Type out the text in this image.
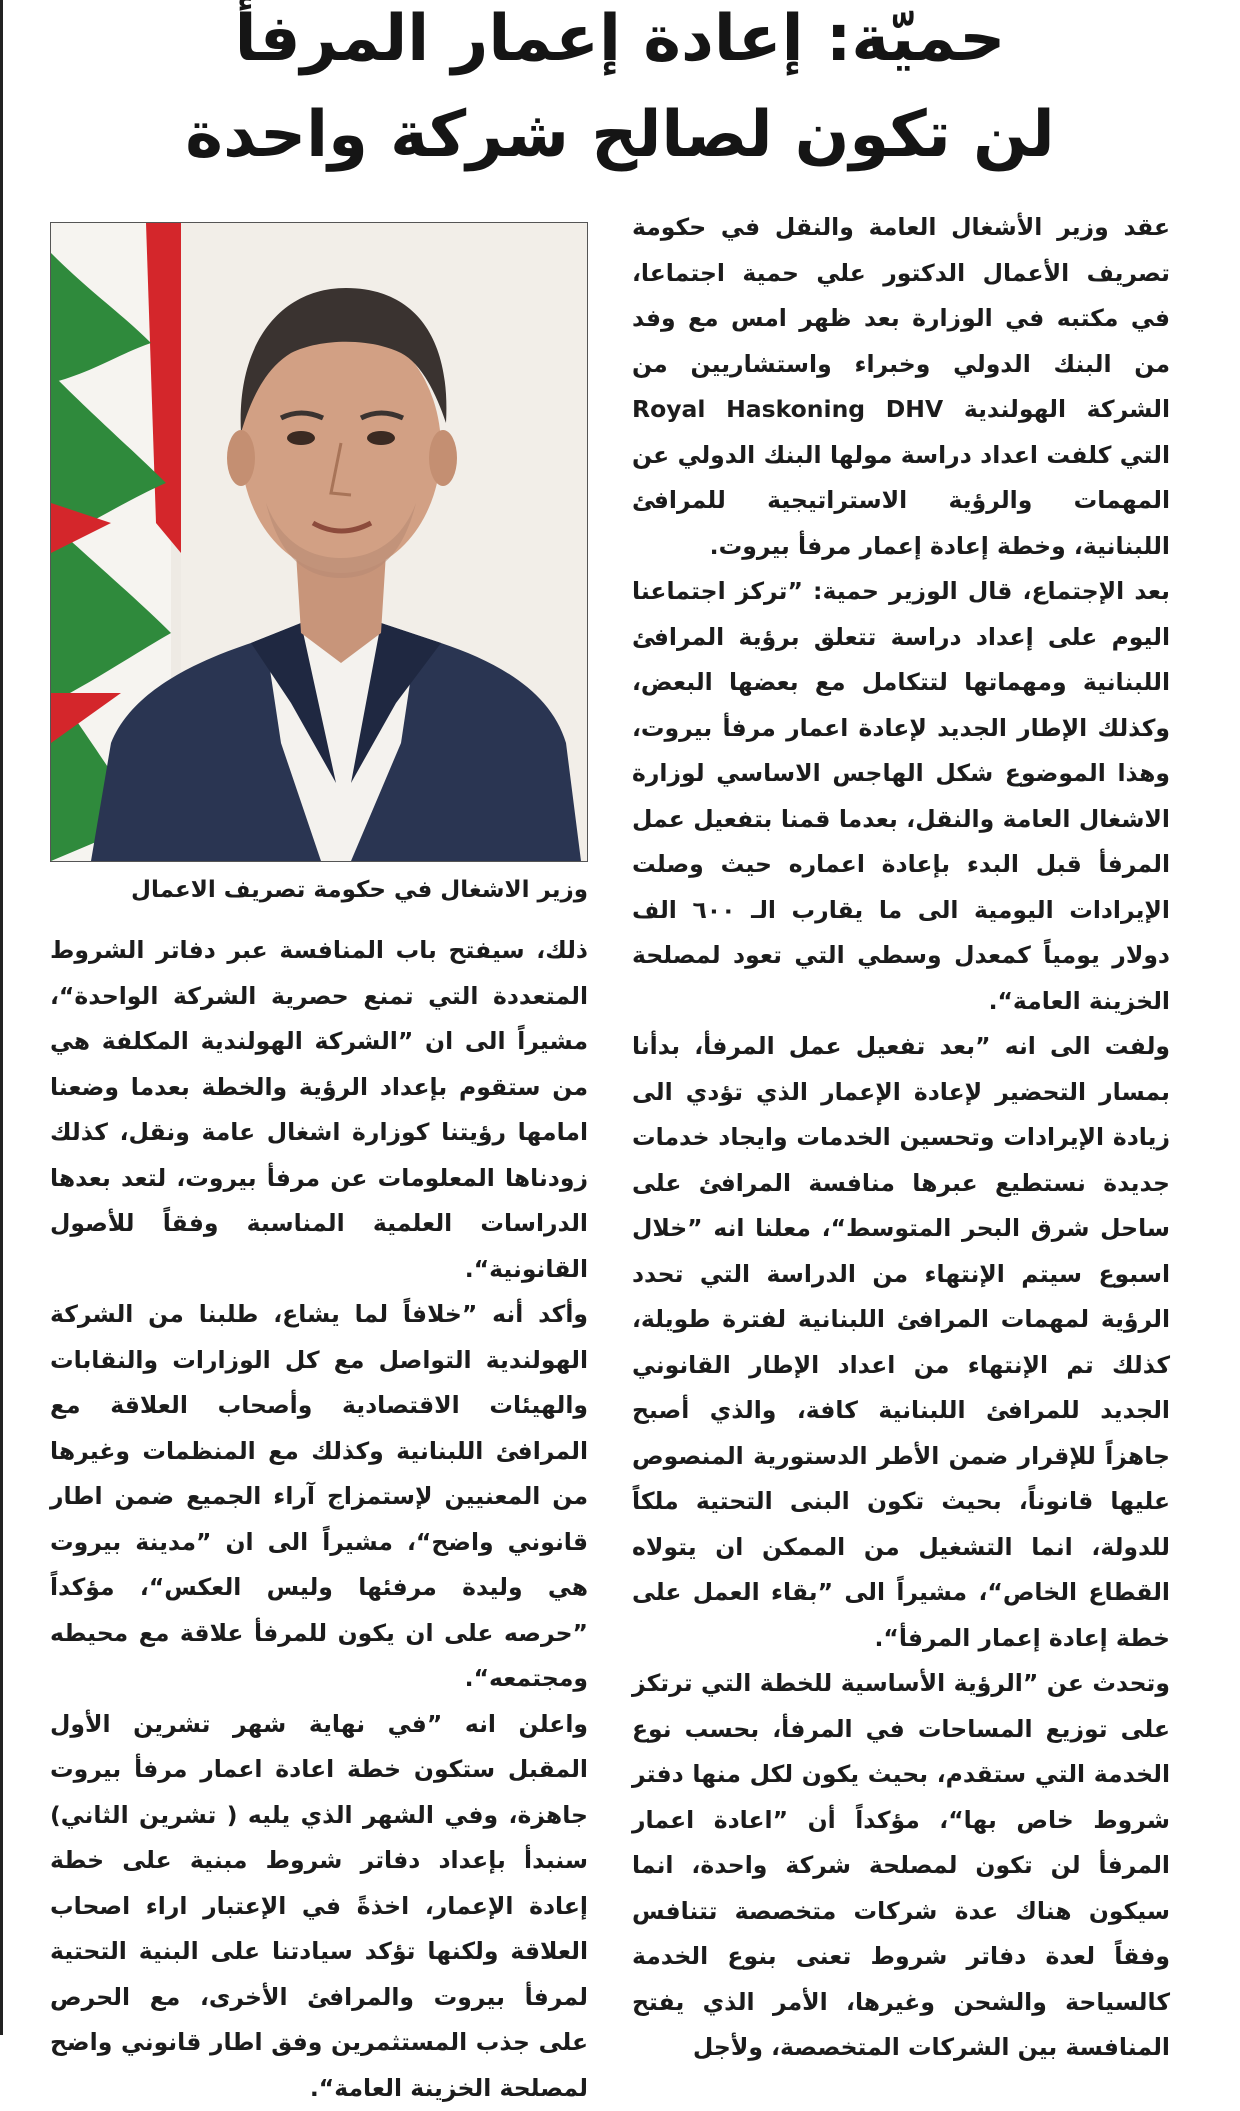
حميّة: إعادة إعمار المرفأ
لن تكون لصالح شركة واحدة

عقد وزير الأشغال العامة والنقل في حكومة تصريف الأعمال الدكتور علي حمية اجتماعا، في مكتبه في الوزارة بعد ظهر امس مع وفد من البنك الدولي وخبراء واستشاريين من الشركة الهولندية Royal Haskoning DHV التي كلفت اعداد دراسة مولها البنك الدولي عن المهمات والرؤية الاستراتيجية للمرافئ اللبنانية، وخطة إعادة إعمار مرفأ بيروت.

بعد الإجتماع، قال الوزير حمية: ”تركز اجتماعنا اليوم على إعداد دراسة تتعلق برؤية المرافئ اللبنانية ومهماتها لتتكامل مع بعضها البعض، وكذلك الإطار الجديد لإعادة اعمار مرفأ بيروت، وهذا الموضوع شكل الهاجس الاساسي لوزارة الاشغال العامة والنقل، بعدما قمنا بتفعيل عمل المرفأ قبل البدء بإعادة اعماره حيث وصلت الإيرادات اليومية الى ما يقارب الـ ٦٠٠ الف دولار يومياً كمعدل وسطي التي تعود لمصلحة الخزينة العامة“.

ولفت الى انه ”بعد تفعيل عمل المرفأ، بدأنا بمسار التحضير لإعادة الإعمار الذي تؤدي الى زيادة الإيرادات وتحسين الخدمات وايجاد خدمات جديدة نستطيع عبرها منافسة المرافئ على ساحل شرق البحر المتوسط“، معلنا انه ”خلال اسبوع سيتم الإنتهاء من الدراسة التي تحدد الرؤية لمهمات المرافئ اللبنانية لفترة طويلة، كذلك تم الإنتهاء من اعداد الإطار القانوني الجديد للمرافئ اللبنانية كافة، والذي أصبح جاهزاً للإقرار ضمن الأطر الدستورية المنصوص عليها قانوناً، بحيث تكون البنى التحتية ملكاً للدولة، انما التشغيل من الممكن ان يتولاه القطاع الخاص“، مشيراً الى ”بقاء العمل على خطة إعادة إعمار المرفأ“.

وتحدث عن ”الرؤية الأساسية للخطة التي ترتكز على توزيع المساحات في المرفأ، بحسب نوع الخدمة التي ستقدم، بحيث يكون لكل منها دفتر شروط خاص بها“، مؤكداً أن ”اعادة اعمار المرفأ لن تكون لمصلحة شركة واحدة، انما سيكون هناك عدة شركات متخصصة تتنافس وفقاً لعدة دفاتر شروط تعنى بنوع الخدمة كالسياحة والشحن وغيرها، الأمر الذي يفتح المنافسة بين الشركات المتخصصة، ولأجل

وزير الاشغال في حكومة تصريف الاعمال

ذلك، سيفتح باب المنافسة عبر دفاتر الشروط المتعددة التي تمنع حصرية الشركة الواحدة“، مشيراً الى ان ”الشركة الهولندية المكلفة هي من ستقوم بإعداد الرؤية والخطة بعدما وضعنا امامها رؤيتنا كوزارة اشغال عامة ونقل، كذلك زودناها المعلومات عن مرفأ بيروت، لتعد بعدها الدراسات العلمية المناسبة وفقاً للأصول القانونية“.

وأكد أنه ”خلافاً لما يشاع، طلبنا من الشركة الهولندية التواصل مع كل الوزارات والنقابات والهيئات الاقتصادية وأصحاب العلاقة مع المرافئ اللبنانية وكذلك مع المنظمات وغيرها من المعنيين لإستمزاج آراء الجميع ضمن اطار قانوني واضح“، مشيراً الى ان ”مدينة بيروت هي وليدة مرفئها وليس العكس“، مؤكداً ”حرصه على ان يكون للمرفأ علاقة مع محيطه ومجتمعه“.

واعلن انه ”في نهاية شهر تشرين الأول المقبل ستكون خطة اعادة اعمار مرفأ بيروت جاهزة، وفي الشهر الذي يليه ( تشرين الثاني) سنبدأ بإعداد دفاتر شروط مبنية على خطة إعادة الإعمار، اخذةً في الإعتبار اراء اصحاب العلاقة ولكنها تؤكد سيادتنا على البنية التحتية لمرفأ بيروت والمرافئ الأخرى، مع الحرص على جذب المستثمرين وفق اطار قانوني واضح لمصلحة الخزينة العامة“.
